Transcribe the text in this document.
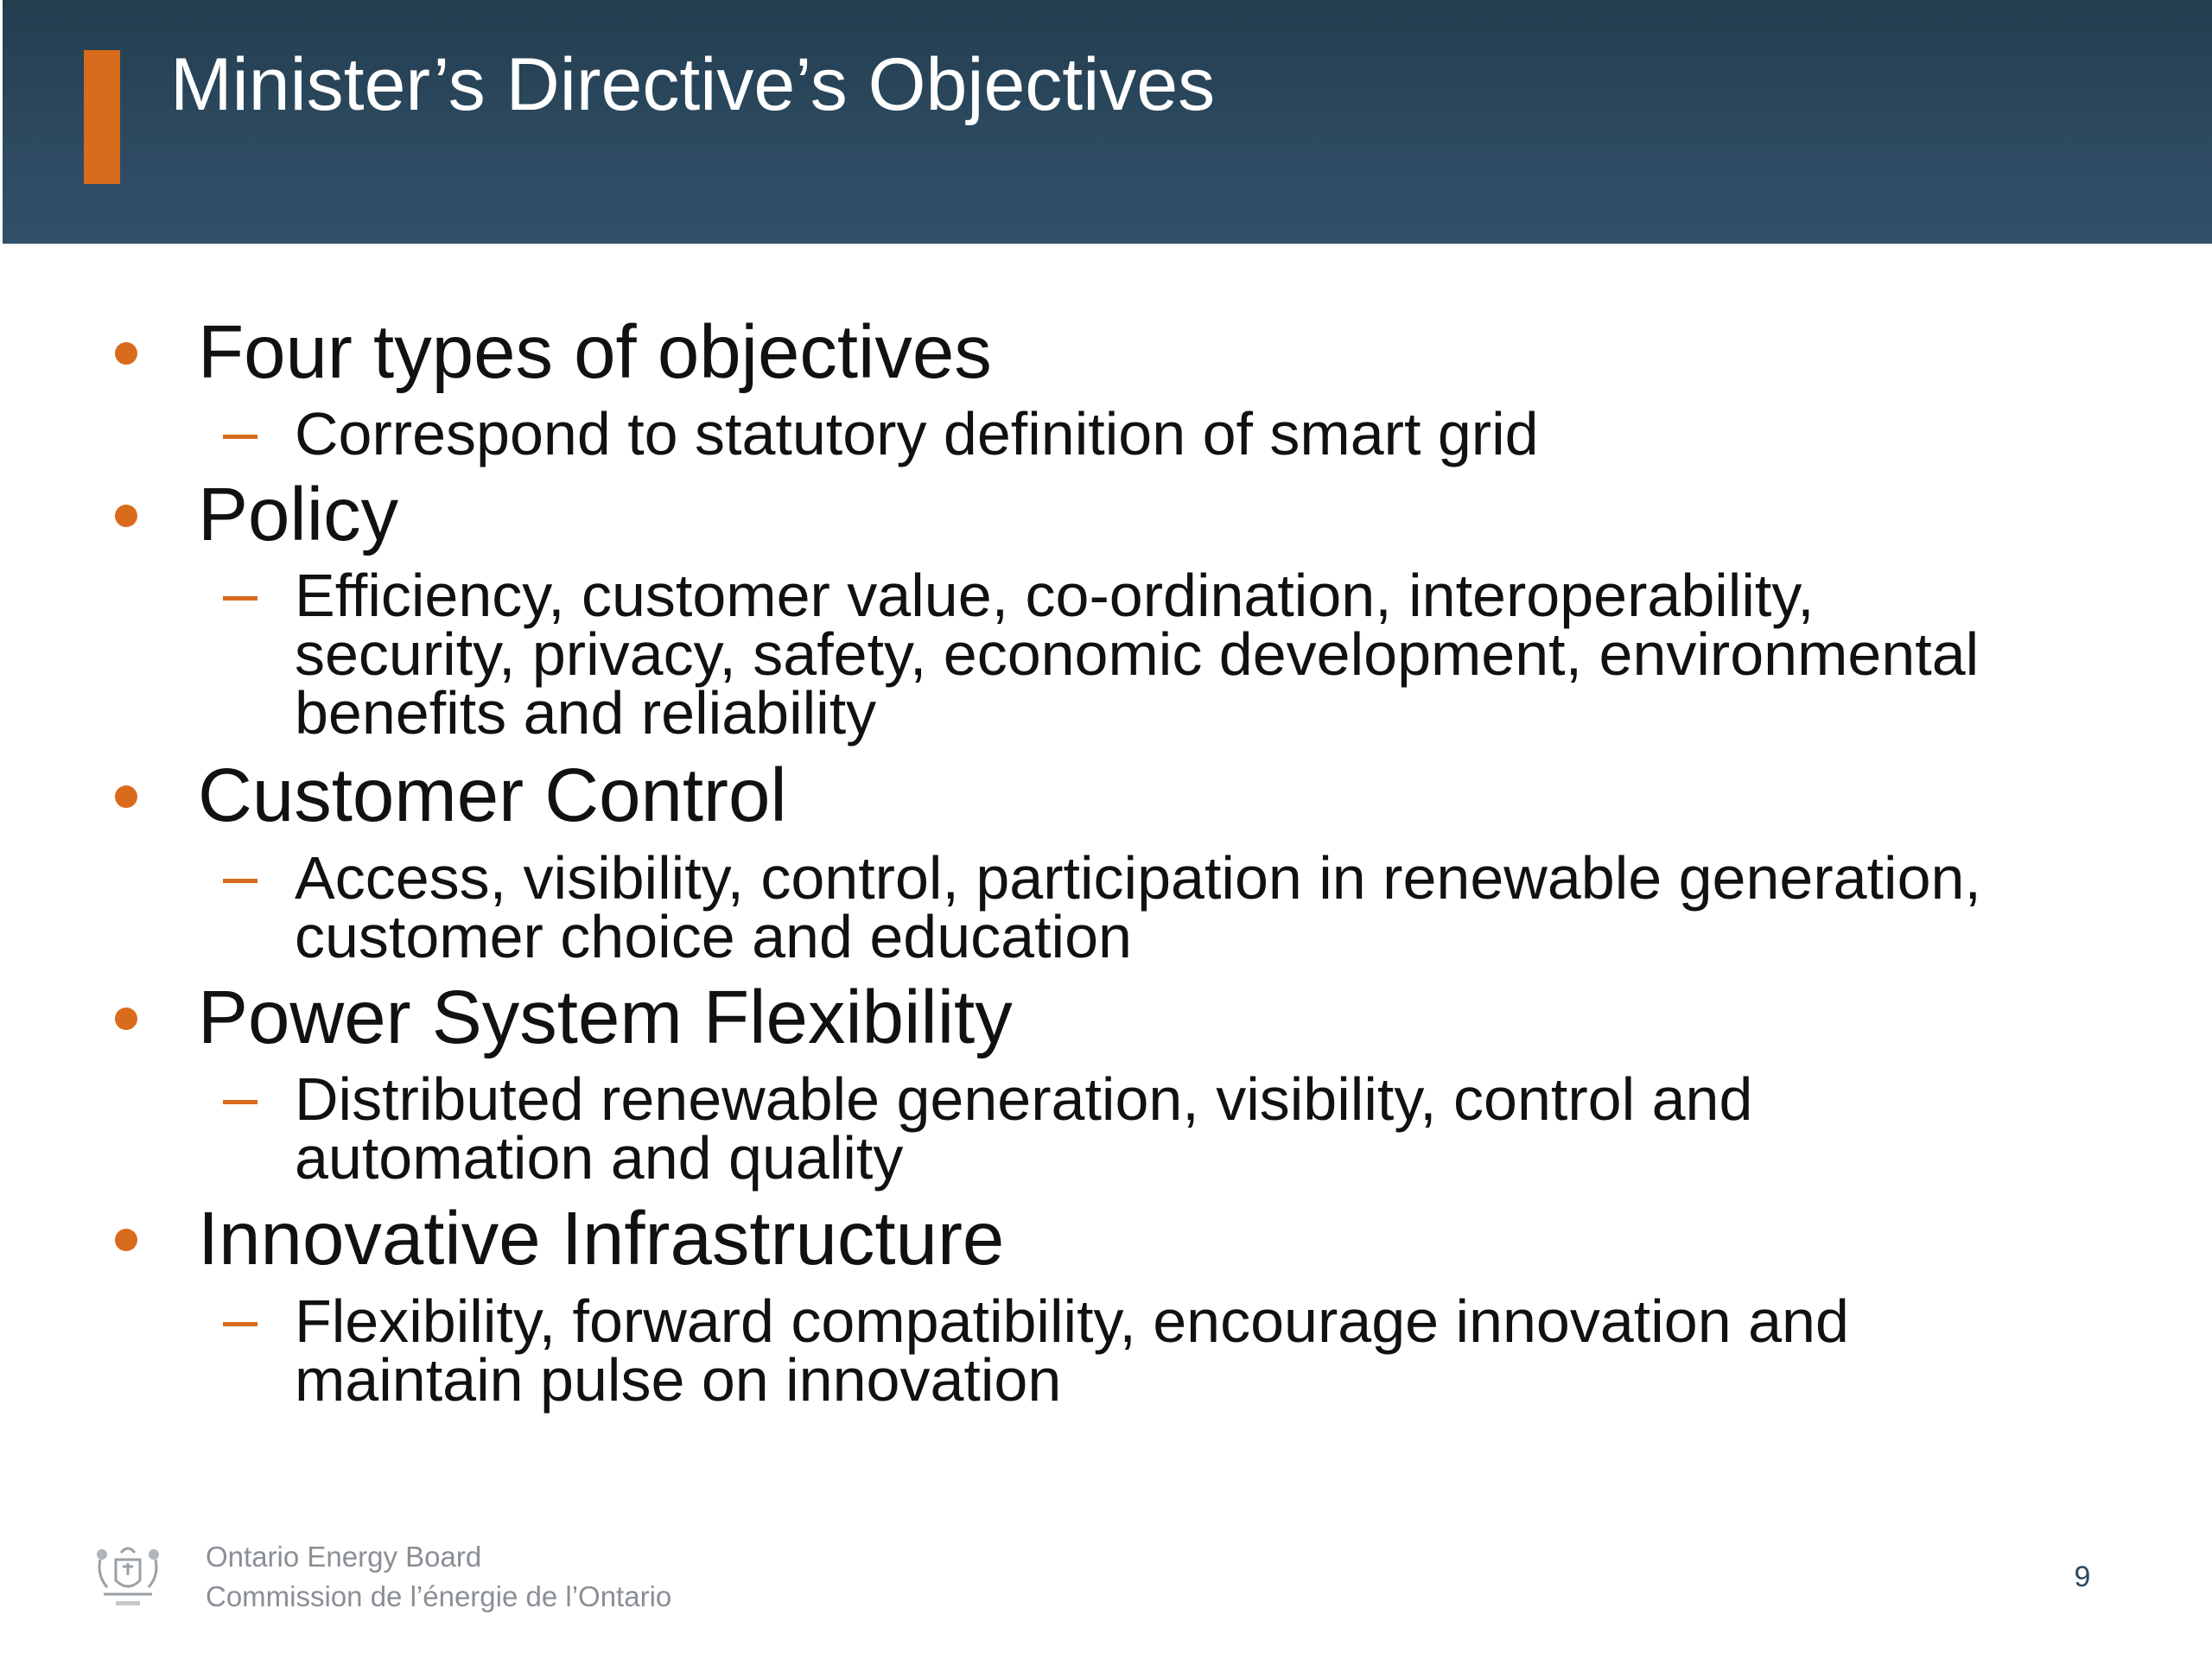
Minister’s Directive’s Objectives
Four types of objectives
Correspond to statutory definition of smart grid
Policy
Efficiency, customer value, co-ordination, interoperability,
security, privacy, safety, economic development, environmental
benefits and reliability
Customer Control
Access, visibility, control, participation in renewable generation,
customer choice and education
Power System Flexibility
Distributed renewable generation, visibility, control and
automation and quality
Innovative Infrastructure
Flexibility, forward compatibility, encourage innovation and
maintain pulse on innovation
Ontario Energy Board
Commission de l’énergie de l’Ontario
9
